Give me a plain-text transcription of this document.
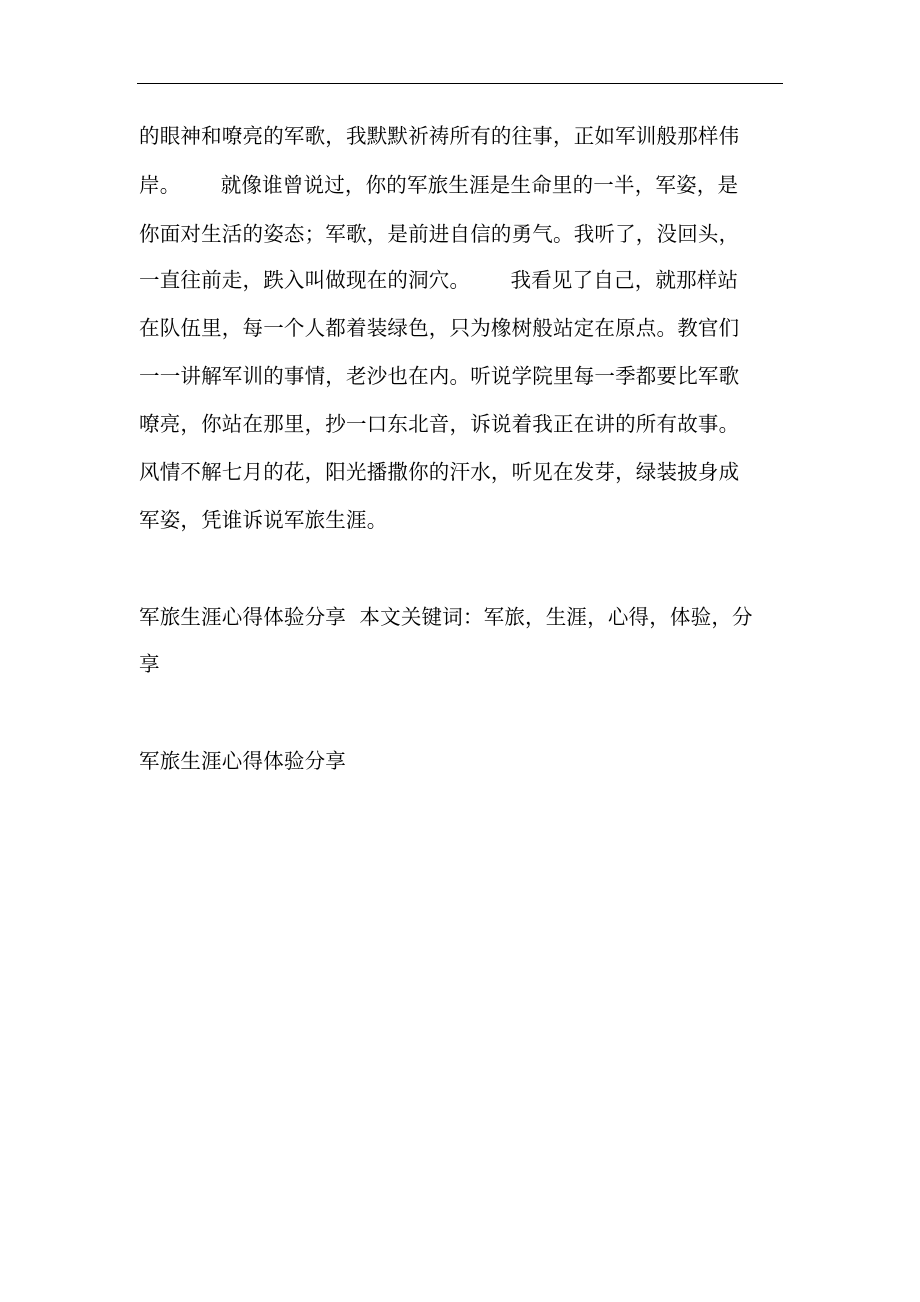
的眼神和嘹亮的军歌，我默默祈祷所有的往事，正如军训般那样伟
岸。      就像谁曾说过，你的军旅生涯是生命里的一半，军姿，是
你面对生活的姿态；军歌，是前进自信的勇气。我听了，没回头，
一直往前走，跌入叫做现在的洞穴。      我看见了自己，就那样站
在队伍里，每一个人都着装绿色，只为橡树般站定在原点。教官们
一一讲解军训的事情，老沙也在内。听说学院里每一季都要比军歌
嘹亮，你站在那里，抄一口东北音，诉说着我正在讲的所有故事。
风情不解七月的花，阳光播撒你的汗水，听见在发芽，绿装披身成
军姿，凭谁诉说军旅生涯。
军旅生涯心得体验分享  本文关键词：军旅，生涯，心得，体验，分
享
军旅生涯心得体验分享
